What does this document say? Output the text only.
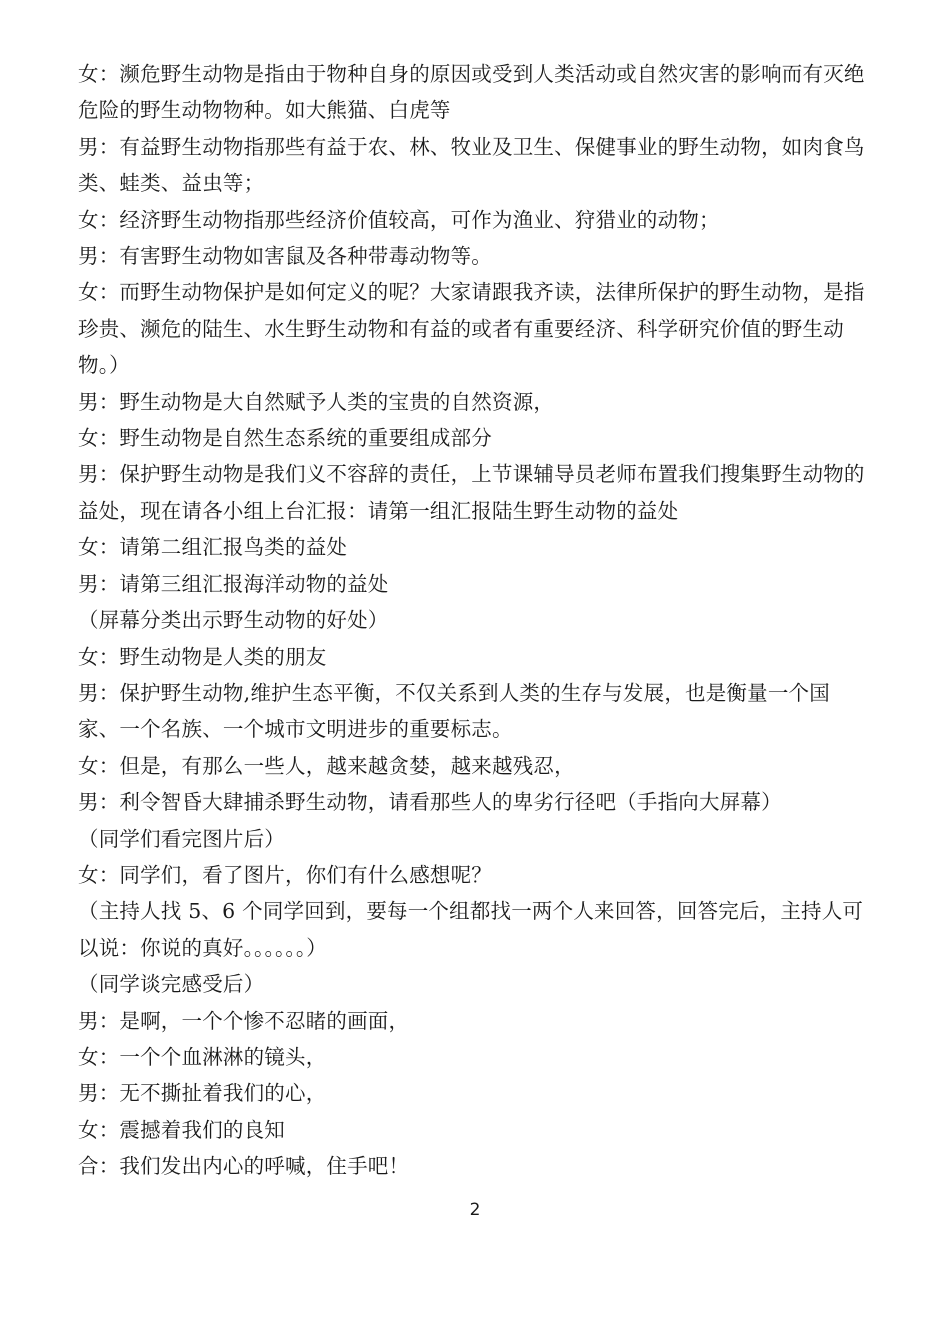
女：濒危野生动物是指由于物种自身的原因或受到人类活动或自然灾害的影响而有灭绝危险的野生动物物种。如大熊猫、白虎等

男：有益野生动物指那些有益于农、林、牧业及卫生、保健事业的野生动物，如肉食鸟类、蛙类、益虫等；

女：经济野生动物指那些经济价值较高，可作为渔业、狩猎业的动物；

男：有害野生动物如害鼠及各种带毒动物等。

女：而野生动物保护是如何定义的呢？大家请跟我齐读，法律所保护的野生动物，是指珍贵、濒危的陆生、水生野生动物和有益的或者有重要经济、科学研究价值的野生动物。）

男：野生动物是大自然赋予人类的宝贵的自然资源，

女：野生动物是自然生态系统的重要组成部分

男：保护野生动物是我们义不容辞的责任，上节课辅导员老师布置我们搜集野生动物的益处，现在请各小组上台汇报：请第一组汇报陆生野生动物的益处

女：请第二组汇报鸟类的益处

男：请第三组汇报海洋动物的益处

（屏幕分类出示野生动物的好处）

女：野生动物是人类的朋友

男：保护野生动物,维护生态平衡，不仅关系到人类的生存与发展，也是衡量一个国家、一个名族、一个城市文明进步的重要标志。

女：但是，有那么一些人，越来越贪婪，越来越残忍，

男：利令智昏大肆捕杀野生动物，请看那些人的卑劣行径吧（手指向大屏幕）

（同学们看完图片后）

女：同学们，看了图片，你们有什么感想呢？

（主持人找 5、6 个同学回到，要每一个组都找一两个人来回答，回答完后，主持人可以说：你说的真好。。。。。。）

（同学谈完感受后）

男：是啊，一个个惨不忍睹的画面，

女：一个个血淋淋的镜头，

男：无不撕扯着我们的心，

女：震撼着我们的良知

合：我们发出内心的呼喊，住手吧！

2
